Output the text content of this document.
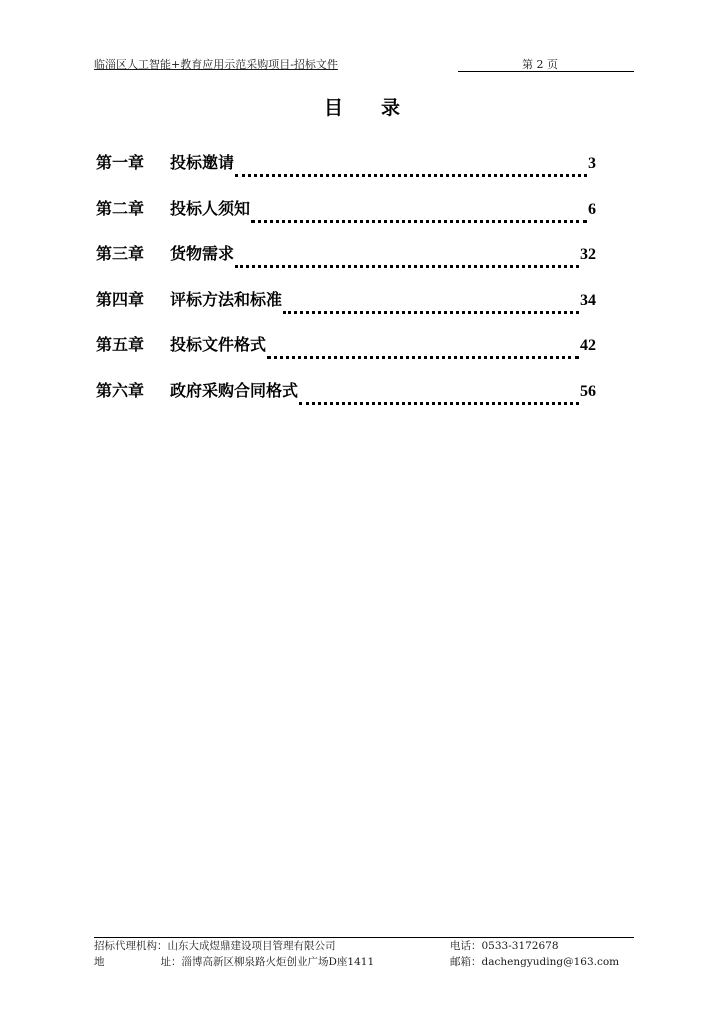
临淄区人工智能+教育应用示范采购项目-招标文件	第 2 页
目录
第一章	投标邀请	3
第二章	投标人须知	6
第三章	货物需求	32
第四章	评标方法和标准	34
第五章	投标文件格式	42
第六章	政府采购合同格式	56
招标代理机构：山东大成煜鼎建设项目管理有限公司	电话：0533-3172678
地	址：淄博高新区柳泉路火炬创业广场D座1411	邮箱：dachengyuding@163.com
